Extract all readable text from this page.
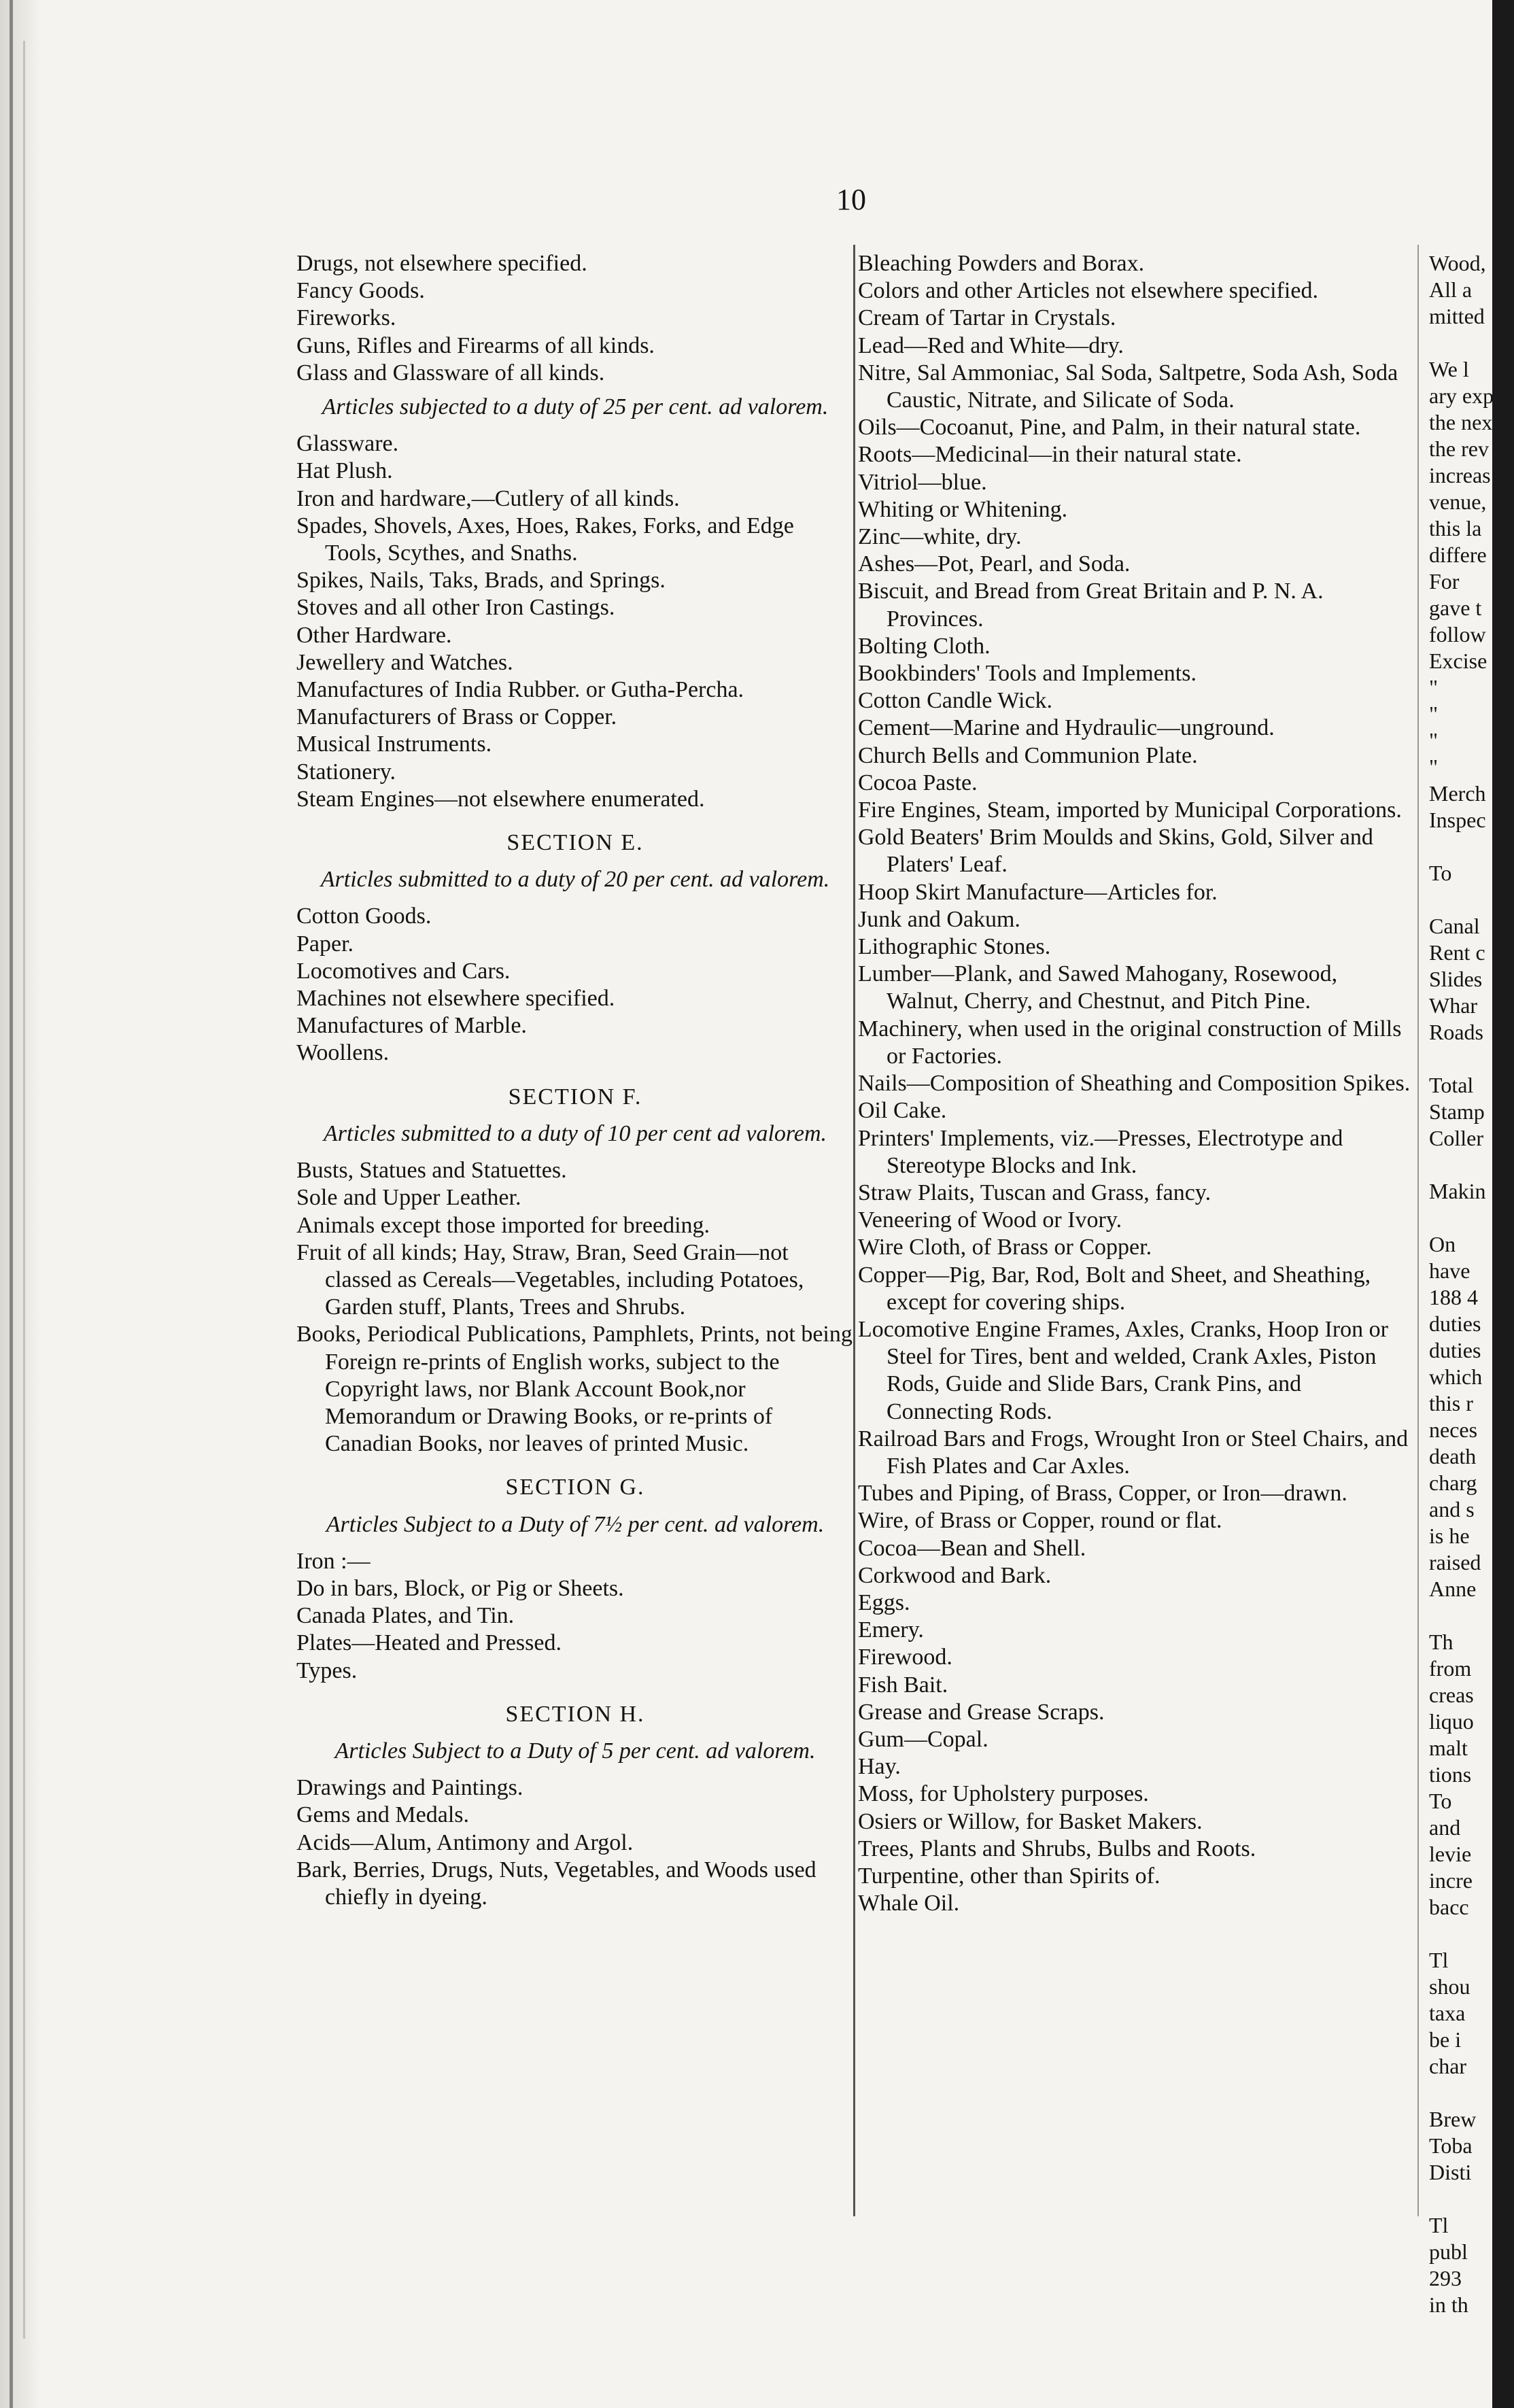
10

Drugs, not elsewhere specified.

Fancy Goods.

Fireworks.

Guns, Rifles and Firearms of all kinds.

Glass and Glassware of all kinds.

Articles subjected to a duty of 25 per cent. ad valorem.

Glassware.

Hat Plush.

Iron and hardware,—Cutlery of all kinds.

Spades, Shovels, Axes, Hoes, Rakes, Forks, and Edge Tools, Scythes, and Snaths.

Spikes, Nails, Taks, Brads, and Springs.

Stoves and all other Iron Castings.

Other Hardware.

Jewellery and Watches.

Manufactures of India Rubber. or Gutha-Percha.

Manufacturers of Brass or Copper.

Musical Instruments.

Stationery.

Steam Engines—not elsewhere enumerated.

SECTION E.

Articles submitted to a duty of 20 per cent. ad valorem.

Cotton Goods.

Paper.

Locomotives and Cars.

Machines not elsewhere specified.

Manufactures of Marble.

Woollens.

SECTION F.

Articles submitted to a duty of 10 per cent ad valorem.

Busts, Statues and Statuettes.

Sole and Upper Leather.

Animals except those imported for breeding.

Fruit of all kinds; Hay, Straw, Bran, Seed Grain—not classed as Cereals—Vegetables, including Potatoes, Garden stuff, Plants, Trees and Shrubs.

Books, Periodical Publications, Pamphlets, Prints, not being Foreign re-prints of English works, subject to the Copyright laws, nor Blank Account Book,nor Memorandum or Drawing Books, or re-prints of Canadian Books, nor leaves of printed Music.

SECTION G.

Articles Subject to a Duty of 7½ per cent. ad valorem.

Iron :—

Do in bars, Block, or Pig or Sheets.

Canada Plates, and Tin.

Plates—Heated and Pressed.

Types.

SECTION H.

Articles Subject to a Duty of 5 per cent. ad valorem.

Drawings and Paintings.

Gems and Medals.

Acids—Alum, Antimony and Argol.

Bark, Berries, Drugs, Nuts, Vegetables, and Woods used chiefly in dyeing.

Bleaching Powders and Borax.

Colors and other Articles not elsewhere specified.

Cream of Tartar in Crystals.

Lead—Red and White—dry.

Nitre, Sal Ammoniac, Sal Soda, Saltpetre, Soda Ash, Soda Caustic, Nitrate, and Silicate of Soda.

Oils—Cocoanut, Pine, and Palm, in their natural state.

Roots—Medicinal—in their natural state.

Vitriol—blue.

Whiting or Whitening.

Zinc—white, dry.

Ashes—Pot, Pearl, and Soda.

Biscuit, and Bread from Great Britain and P. N. A. Provinces.

Bolting Cloth.

Bookbinders' Tools and Implements.

Cotton Candle Wick.

Cement—Marine and Hydraulic—unground.

Church Bells and Communion Plate.

Cocoa Paste.

Fire Engines, Steam, imported by Municipal Corporations.

Gold Beaters' Brim Moulds and Skins, Gold, Silver and Platers' Leaf.

Hoop Skirt Manufacture—Articles for.

Junk and Oakum.

Lithographic Stones.

Lumber—Plank, and Sawed Mahogany, Rosewood, Walnut, Cherry, and Chestnut, and Pitch Pine.

Machinery, when used in the original construction of Mills or Factories.

Nails—Composition of Sheathing and Composition Spikes.

Oil Cake.

Printers' Implements, viz.—Presses, Electrotype and Stereotype Blocks and Ink.

Straw Plaits, Tuscan and Grass, fancy.

Veneering of Wood or Ivory.

Wire Cloth, of Brass or Copper.

Copper—Pig, Bar, Rod, Bolt and Sheet, and Sheathing, except for covering ships.

Locomotive Engine Frames, Axles, Cranks, Hoop Iron or Steel for Tires, bent and welded, Crank Axles, Piston Rods, Guide and Slide Bars, Crank Pins, and Connecting Rods.

Railroad Bars and Frogs, Wrought Iron or Steel Chairs, and Fish Plates and Car Axles.

Tubes and Piping, of Brass, Copper, or Iron—drawn.

Wire, of Brass or Copper, round or flat.

Cocoa—Bean and Shell.

Corkwood and Bark.

Eggs.

Emery.

Firewood.

Fish Bait.

Grease and Grease Scraps.

Gum—Copal.

Hay.

Moss, for Upholstery purposes.

Osiers or Willow, for Basket Makers.

Trees, Plants and Shrubs, Bulbs and Roots.

Turpentine, other than Spirits of.

Whale Oil.

Wood,

All a

mitted

We l

ary exp

the nex

the rev

increas

venue,

this la

differe

For

gave t

follow

Excise

"

"

"

"

Merch

Inspec

To

Canal

Rent c

Slides

Whar

Roads

Total

Stamp

Coller

Makin

On

have

188 4

duties

duties

which

this r

neces

death

charg

and s

is he

raised

Anne

Th

from

creas

liquo

malt

tions

To

and

levie

incre

bacc

Tl

shou

taxa

be i

char

Brew

Toba

Disti

Tl

publ

293

in th
